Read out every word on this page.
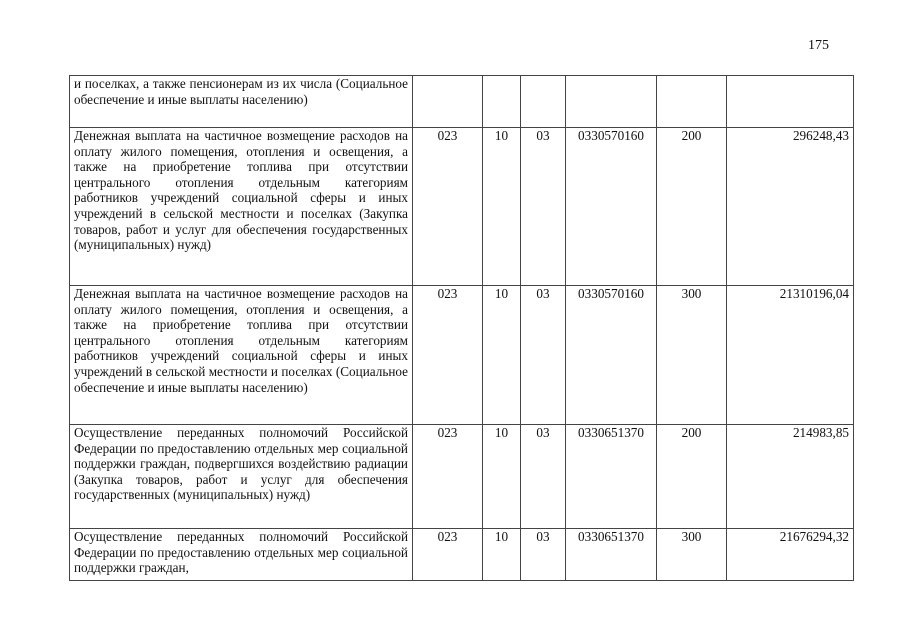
175
и поселках, а также пенсионерам из их числа (Социальное обеспечение и иные выплаты населению)						
Денежная выплата на частичное возмещение расходов на оплату жилого помещения, отопления и освещения, а также на приобретение топлива при отсутствии центрального отопления отдельным категориям работников учреждений социальной сферы и иных учреждений в сельской местности и поселках (Закупка товаров, работ и услуг для обеспечения государственных (муниципальных) нужд)	023	10	03	0330570160	200	296248,43
Денежная выплата на частичное возмещение расходов на оплату жилого помещения, отопления и освещения, а также на приобретение топлива при отсутствии центрального отопления отдельным категориям работников учреждений социальной сферы и иных учреждений в сельской местности и поселках (Социальное обеспечение и иные выплаты населению)	023	10	03	0330570160	300	21310196,04
Осуществление переданных полномочий Российской Федерации по предоставлению отдельных мер социальной поддержки граждан, подвергшихся воздействию радиации (Закупка товаров, работ и услуг для обеспечения государственных (муниципальных) нужд)	023	10	03	0330651370	200	214983,85
Осуществление переданных полномочий Российской Федерации по предоставлению отдельных мер социальной поддержки граждан,	023	10	03	0330651370	300	21676294,32
